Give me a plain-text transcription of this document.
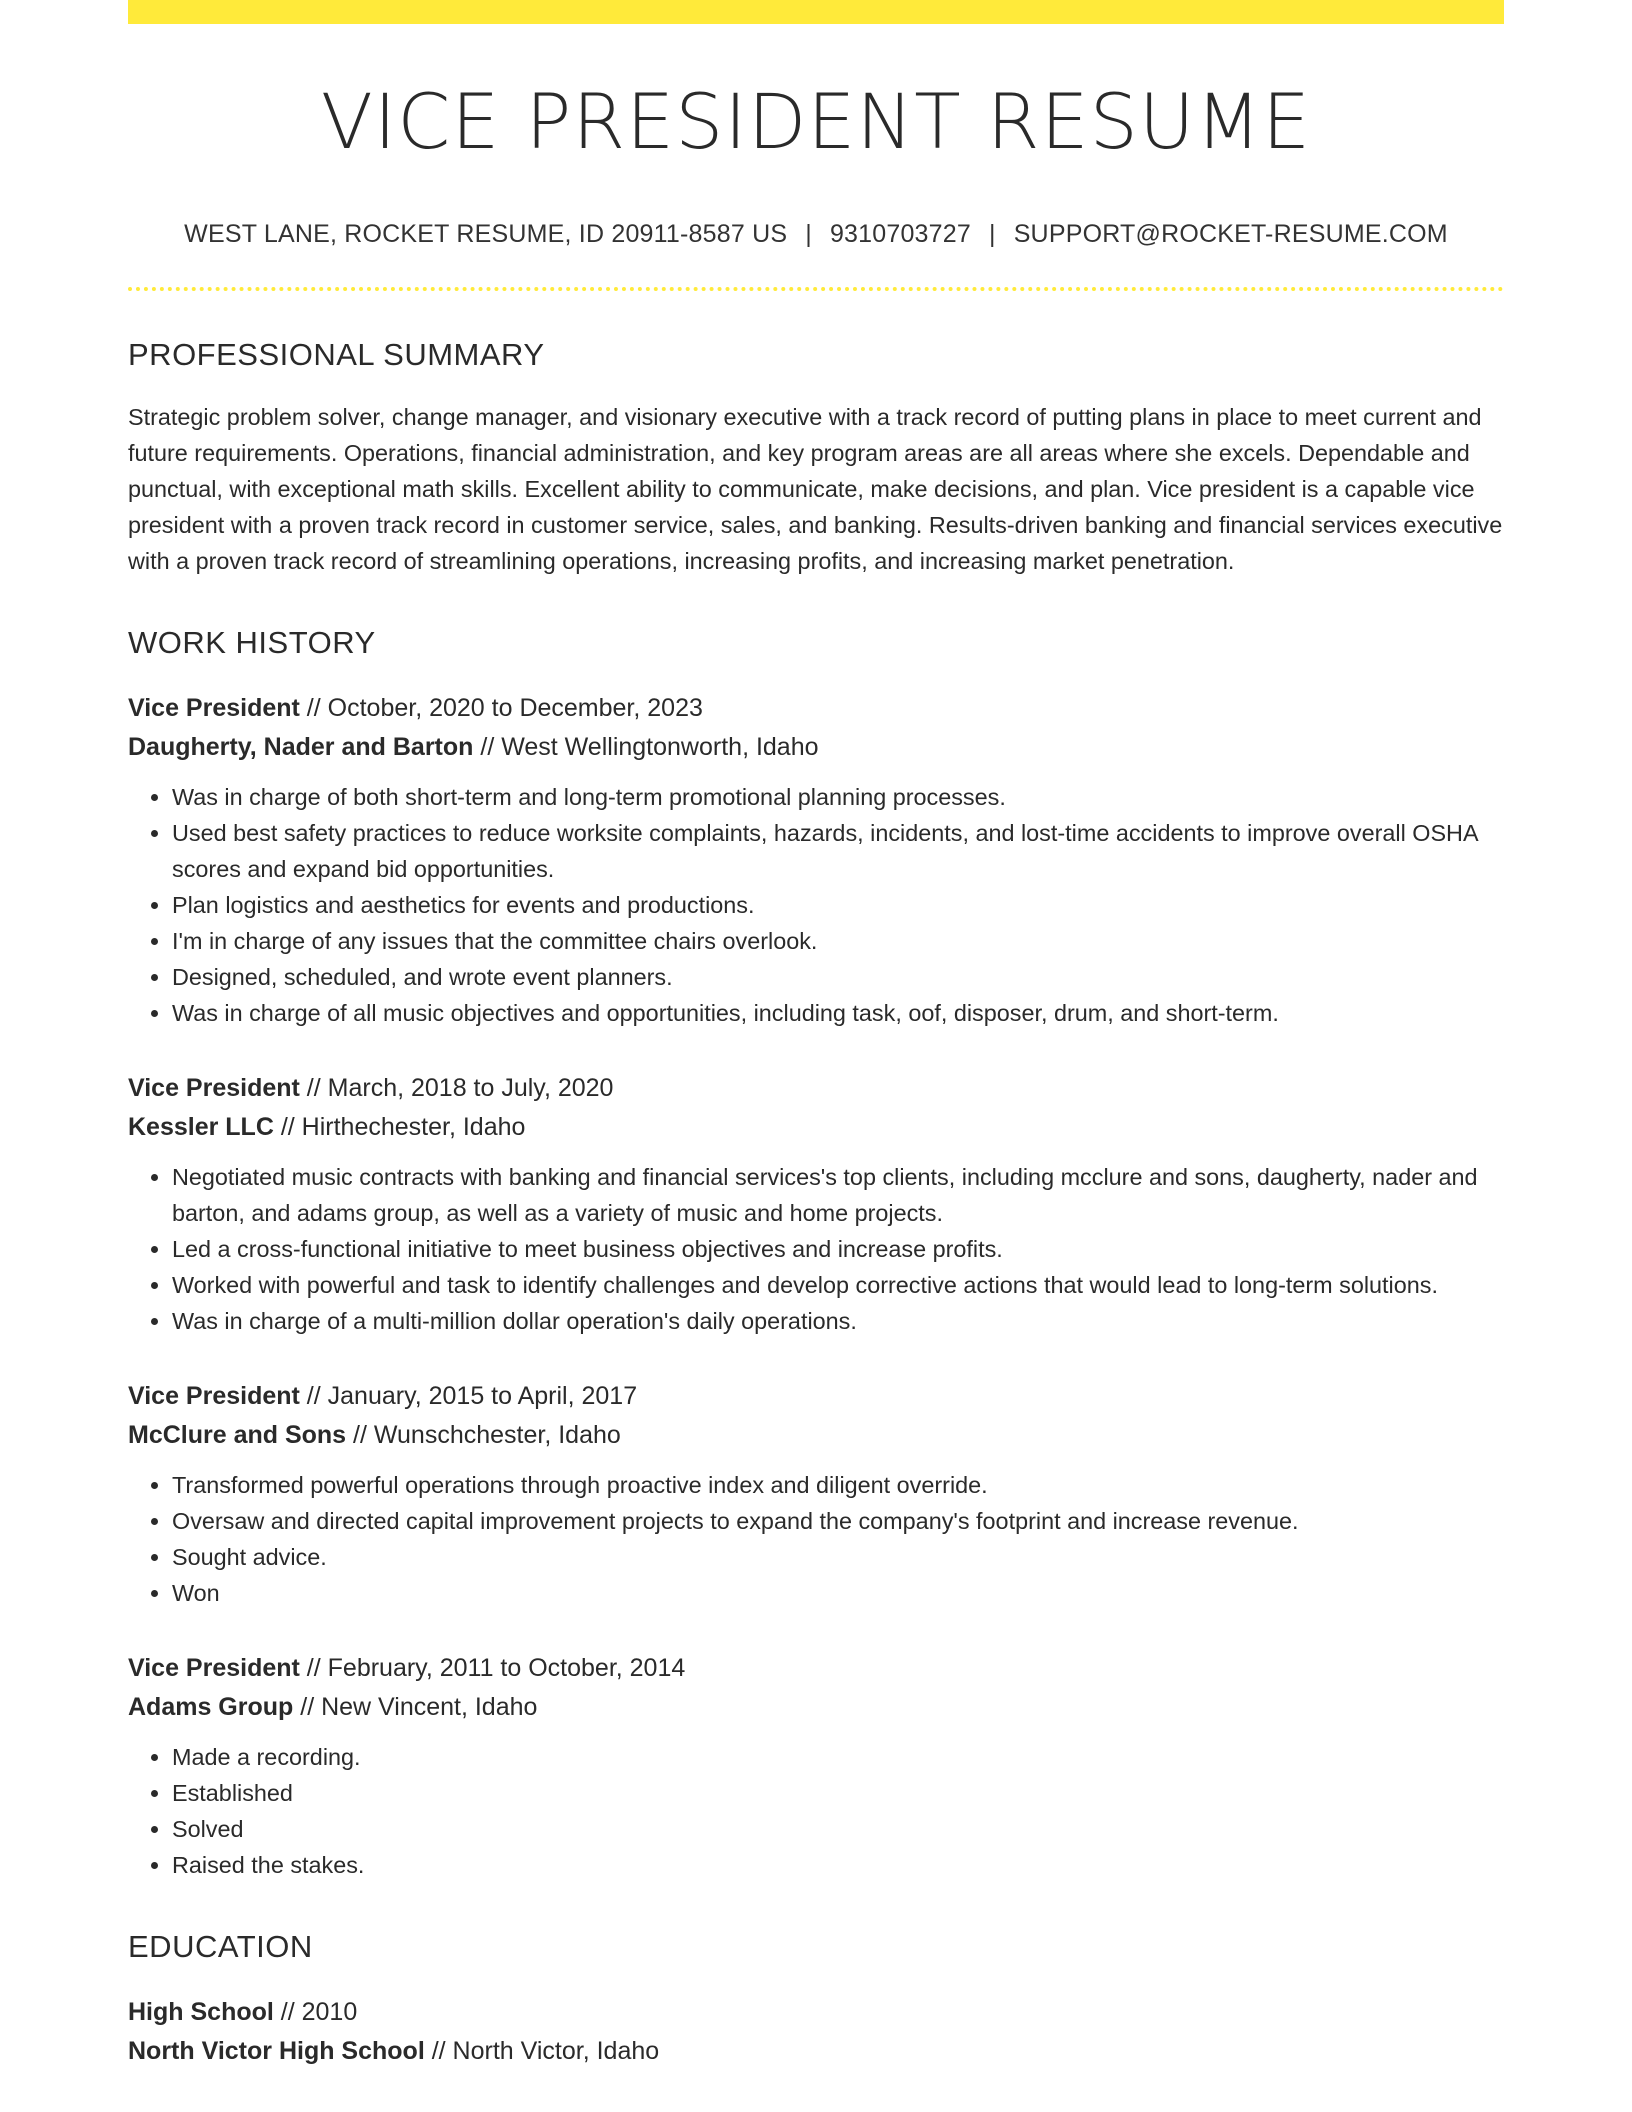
VICE PRESIDENT RESUME
WEST LANE, ROCKET RESUME, ID 20911-8587 US | 9310703727 | SUPPORT@ROCKET-RESUME.COM
PROFESSIONAL SUMMARY
Strategic problem solver, change manager, and visionary executive with a track record of putting plans in place to meet current and future requirements. Operations, financial administration, and key program areas are all areas where she excels. Dependable and punctual, with exceptional math skills. Excellent ability to communicate, make decisions, and plan. Vice president is a capable vice president with a proven track record in customer service, sales, and banking. Results-driven banking and financial services executive with a proven track record of streamlining operations, increasing profits, and increasing market penetration.
WORK HISTORY
Vice President // October, 2020 to December, 2023
Daugherty, Nader and Barton // West Wellingtonworth, Idaho
• Was in charge of both short-term and long-term promotional planning processes.
• Used best safety practices to reduce worksite complaints, hazards, incidents, and lost-time accidents to improve overall OSHA scores and expand bid opportunities.
• Plan logistics and aesthetics for events and productions.
• I'm in charge of any issues that the committee chairs overlook.
• Designed, scheduled, and wrote event planners.
• Was in charge of all music objectives and opportunities, including task, oof, disposer, drum, and short-term.
Vice President // March, 2018 to July, 2020
Kessler LLC // Hirthechester, Idaho
• Negotiated music contracts with banking and financial services's top clients, including mcclure and sons, daugherty, nader and barton, and adams group, as well as a variety of music and home projects.
• Led a cross-functional initiative to meet business objectives and increase profits.
• Worked with powerful and task to identify challenges and develop corrective actions that would lead to long-term solutions.
• Was in charge of a multi-million dollar operation's daily operations.
Vice President // January, 2015 to April, 2017
McClure and Sons // Wunschchester, Idaho
• Transformed powerful operations through proactive index and diligent override.
• Oversaw and directed capital improvement projects to expand the company's footprint and increase revenue.
• Sought advice.
• Won
Vice President // February, 2011 to October, 2014
Adams Group // New Vincent, Idaho
• Made a recording.
• Established
• Solved
• Raised the stakes.
EDUCATION
High School // 2010
North Victor High School // North Victor, Idaho
